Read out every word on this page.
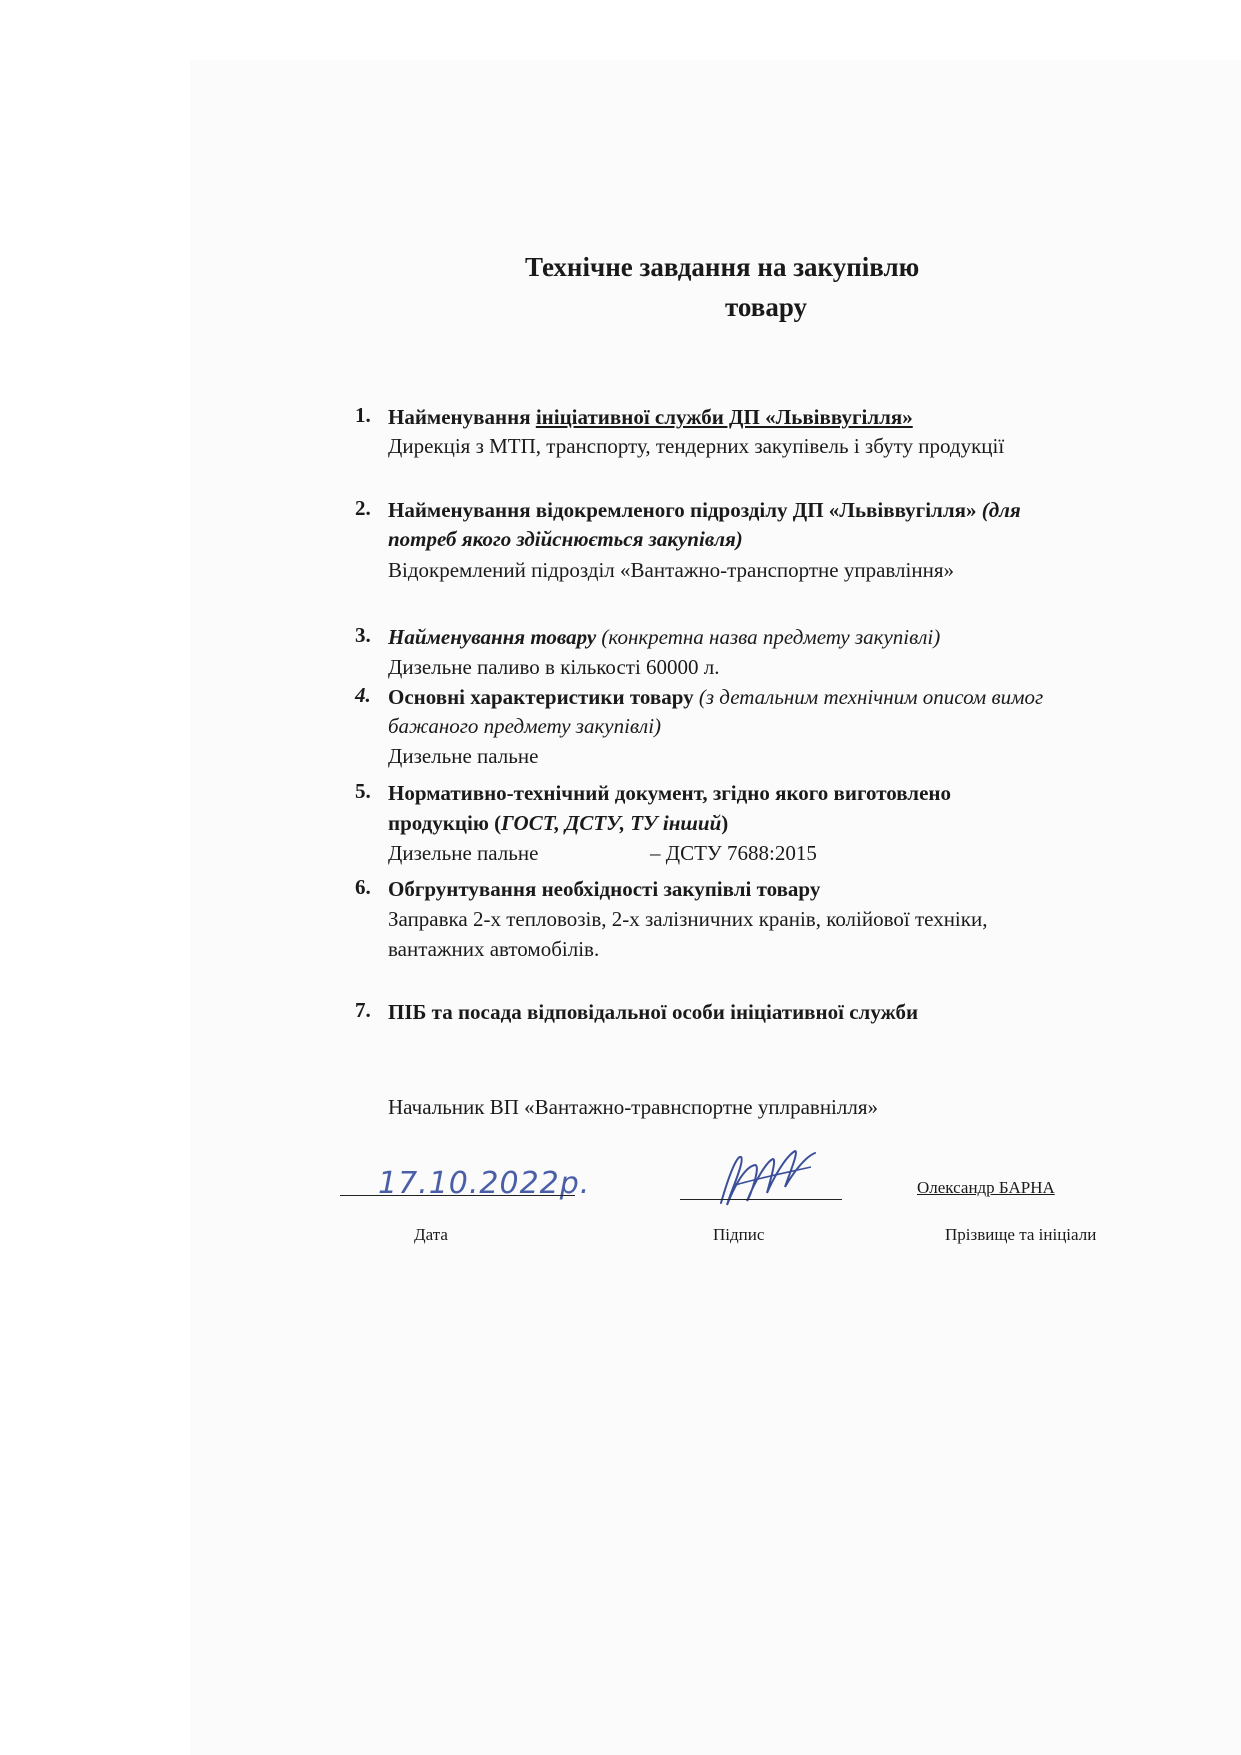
Технічне завдання на закупівлю
товару
1. Найменування ініціативної служби ДП «Львіввугілля»
Дирекція з МТП, транспорту, тендерних закупівель і збуту продукції
2. Найменування відокремленого підрозділу ДП «Львіввугілля» (для
потреб якого здійснюється закупівля)
Відокремлений підрозділ «Вантажно-транспортне управління»
3. Найменування товару (конкретна назва предмету закупівлі)
Дизельне паливо в кількості 60000 л.
4. Основні характеристики товару (з детальним технічним описом вимог
бажаного предмету закупівлі)
Дизельне пальне
5. Нормативно-технічний документ, згідно якого виготовлено
продукцію (ГОСТ, ДСТУ, ТУ інший)
Дизельне пальне	– ДСТУ 7688:2015
6. Обгрунтування необхідності закупівлі товару
Заправка 2-х тепловозів, 2-х залізничних кранів, колійової техніки,
вантажних автомобілів.
7. ПІБ та посада відповідальної особи ініціативної служби
Начальник ВП «Вантажно-травнспортне уплравнілля»
17.10.2022р.	Олександр БАРНА
Дата	Підпис	Прізвище та ініціали
